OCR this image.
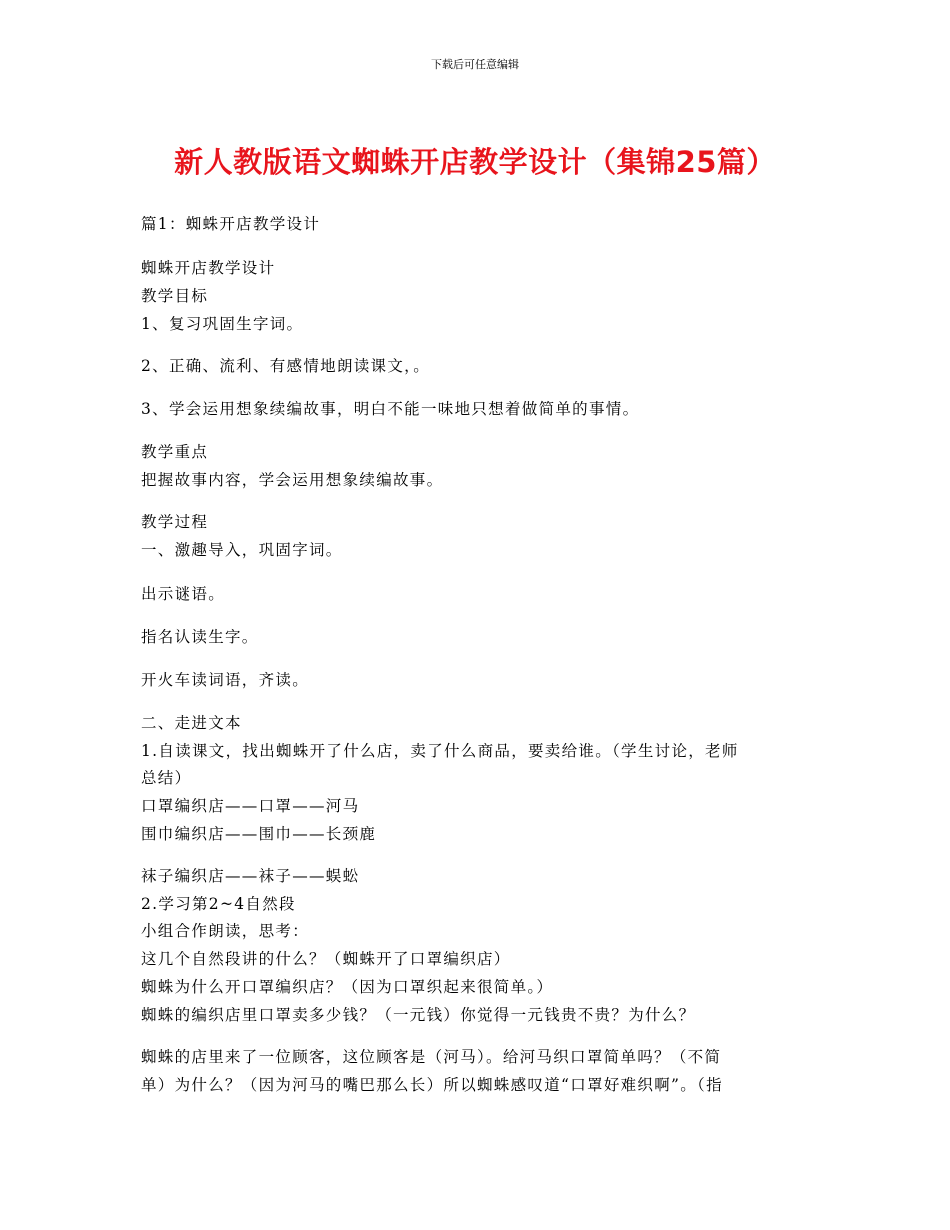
下载后可任意编辑
新人教版语文蜘蛛开店教学设计（集锦25篇）
篇1：蜘蛛开店教学设计
蜘蛛开店教学设计
教学目标
1、复习巩固生字词。
2、正确、流利、有感情地朗读课文，。
3、学会运用想象续编故事，明白不能一味地只想着做简单的事情。
教学重点
把握故事内容，学会运用想象续编故事。
教学过程
一、激趣导入，巩固字词。
出示谜语。
指名认读生字。
开火车读词语，齐读。
二、走进文本
1.自读课文，找出蜘蛛开了什么店，卖了什么商品，要卖给谁。（学生讨论，老师
总结）
口罩编织店——口罩——河马
围巾编织店——围巾——长颈鹿
袜子编织店——袜子——蜈蚣
2.学习第2~4自然段
小组合作朗读，思考：
这几个自然段讲的什么？（蜘蛛开了口罩编织店）
蜘蛛为什么开口罩编织店？（因为口罩织起来很简单。）
蜘蛛的编织店里口罩卖多少钱？（一元钱）你觉得一元钱贵不贵？为什么？
蜘蛛的店里来了一位顾客，这位顾客是（河马）。给河马织口罩简单吗？（不简
单）为什么？（因为河马的嘴巴那么长）所以蜘蛛感叹道“口罩好难织啊”。（指
